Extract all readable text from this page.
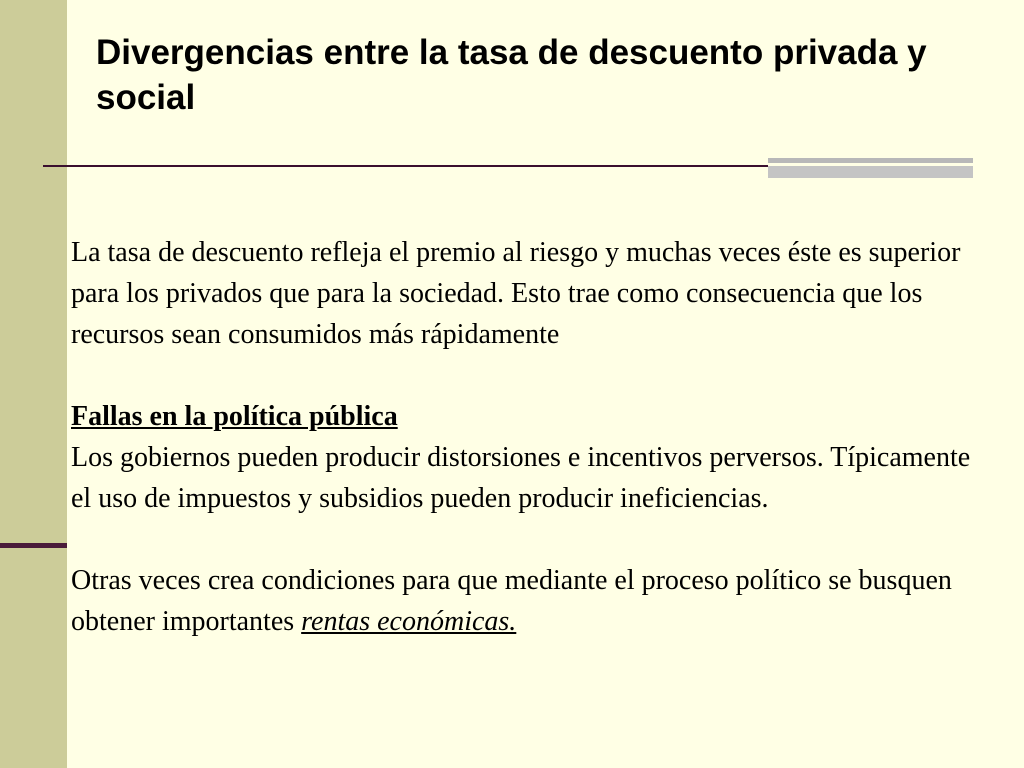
Divergencias entre la tasa de descuento privada y social

La tasa de descuento refleja el premio al riesgo y muchas veces éste es superior para los privados que para la sociedad. Esto trae como consecuencia que los recursos sean consumidos más rápidamente

Fallas en la política pública

Los gobiernos pueden producir distorsiones e incentivos perversos. Típicamente el uso de impuestos y subsidios pueden producir ineficiencias.

Otras veces crea condiciones para que mediante el proceso político se busquen obtener importantes rentas económicas.
